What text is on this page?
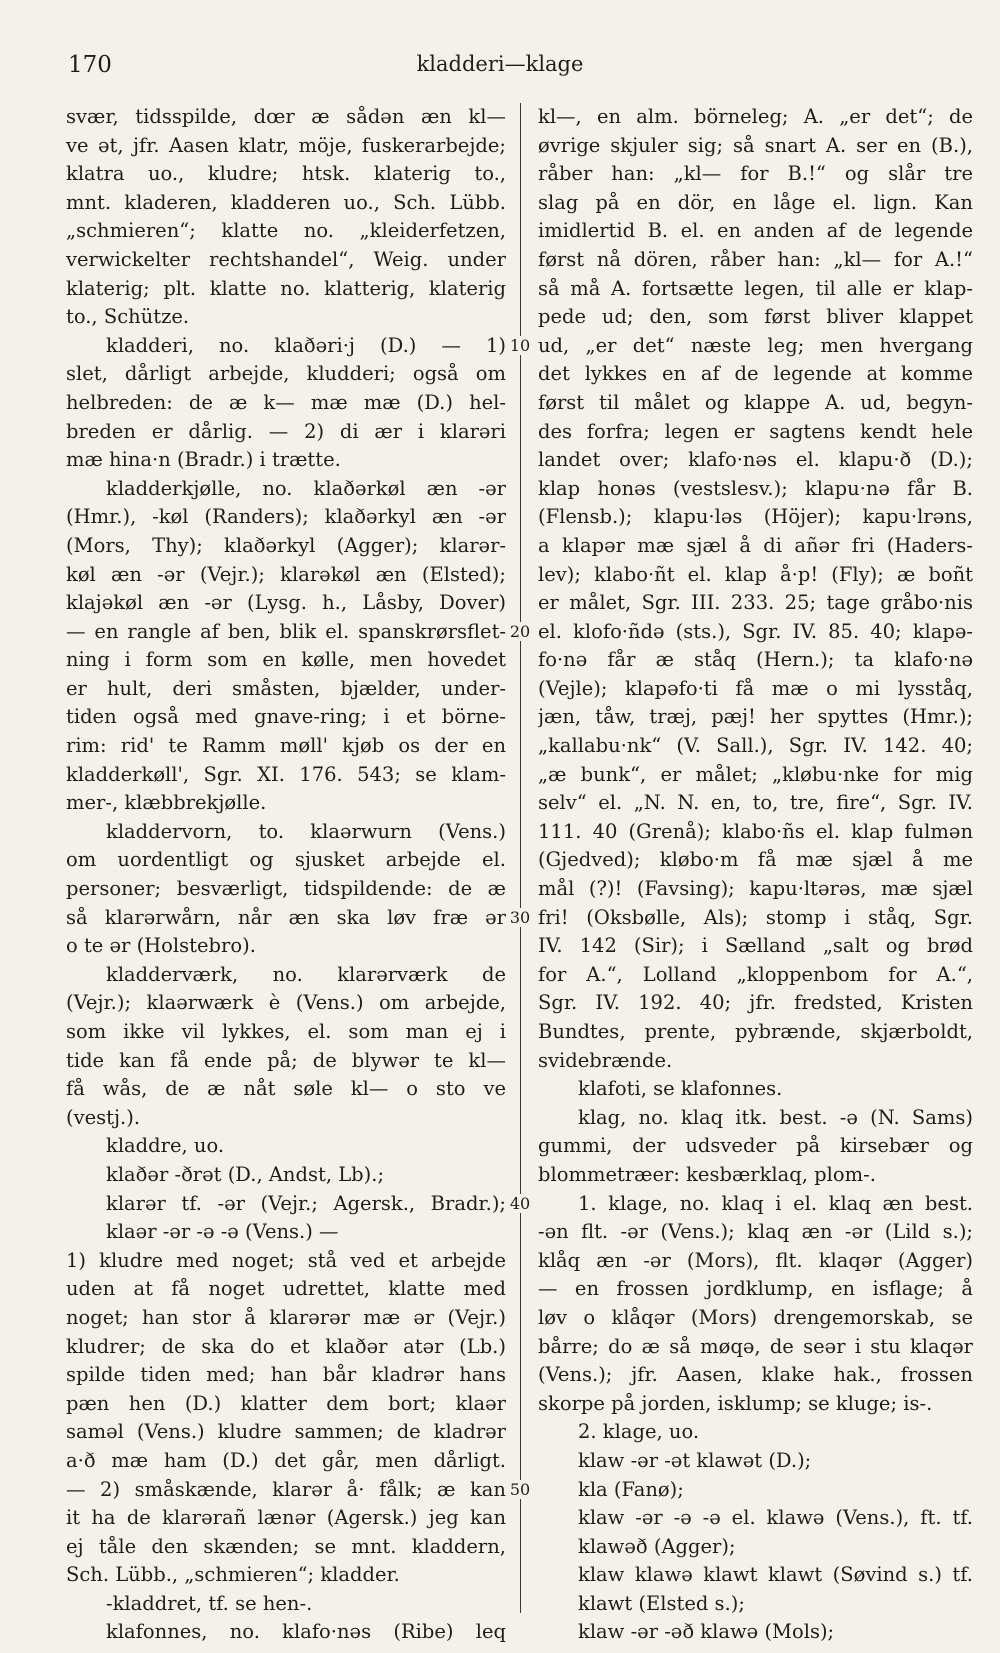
170	kladderi—klage
svær, tidsspilde, dœr æ sådən æn kl—
ve ət, jfr. Aasen klatr, möje, fuskerarbejde;
klatra uo., kludre; htsk. klaterig to.,
mnt. kladeren, kladderen uo., Sch. Lübb.
„schmieren“; klatte no. „kleiderfetzen,
verwickelter rechtshandel“, Weig. under
klaterig; plt. klatte no. klatterig, klaterig
to., Schütze.
kladderi, no. klaðəri·j (D.) — 1)
slet, dårligt arbejde, kludderi; også om
helbreden: de æ k— mæ mæ (D.) hel-
breden er dårlig. — 2) di ær i klarəri
mæ hina·n (Bradr.) i trætte.
kladderkjølle, no. klaðərkøl æn -ər
(Hmr.), -køl (Randers); klaðərkyl æn -ər
(Mors, Thy); klaðərkyl (Agger); klarər-
køl æn -ər (Vejr.); klarəkøl æn (Elsted);
klajəkøl æn -ər (Lysg. h., Låsby, Dover)
— en rangle af ben, blik el. spanskrørsflet-
ning i form som en kølle, men hovedet
er hult, deri småsten, bjælder, under-
tiden også med gnave-ring; i et börne-
rim: rid' te Ramm møll' kjøb os der en
kladderkøll', Sgr. XI. 176. 543; se klam-
mer-, klæbbrekjølle.
kladdervorn, to. klaərwurn (Vens.)
om uordentligt og sjusket arbejde el.
personer; besværligt, tidspildende: de æ
så klarərwårn, når æn ska løv fræ ər
o te ər (Holstebro).
kladderværk, no. klarərværk de
(Vejr.); klaərwærk è (Vens.) om arbejde,
som ikke vil lykkes, el. som man ej i
tide kan få ende på; de blywər te kl—
få wås, de æ nåt søle kl— o sto ve
(vestj.).
kladdre, uo.
klaðər -ðrət (D., Andst, Lb).;
klarər tf. -ər (Vejr.; Agersk., Bradr.);
klaər -ər -ə -ə (Vens.) —
1) kludre med noget; stå ved et arbejde
uden at få noget udrettet, klatte med
noget; han stor å klarərər mæ ər (Vejr.)
kludrer; de ska do et klaðər atər (Lb.)
spilde tiden med; han bår kladrər hans
pæn hen (D.) klatter dem bort; klaər
saməl (Vens.) kludre sammen; de kladrər
a·ð mæ ham (D.) det går, men dårligt.
— 2) småskænde, klarər å· fålk; æ kan
it ha de klarərañ lænər (Agersk.) jeg kan
ej tåle den skænden; se mnt. kladdern,
Sch. Lübb., „schmieren“; kladder.
-kladdret, tf. se hen-.
klafonnes, no. klafo·nəs (Ribe) leq
kl—, en alm. börneleg; A. „er det“; de
øvrige skjuler sig; så snart A. ser en (B.),
råber han: „kl— for B.!“ og slår tre
slag på en dör, en låge el. lign. Kan
imidlertid B. el. en anden af de legende
først nå dören, råber han: „kl— for A.!“
så må A. fortsætte legen, til alle er klap-
pede ud; den, som først bliver klappet
ud, „er det“ næste leg; men hvergang
det lykkes en af de legende at komme
først til målet og klappe A. ud, begyn-
des forfra; legen er sagtens kendt hele
landet over; klafo·nəs el. klapu·ð (D.);
klap honəs (vestslesv.); klapu·nə får B.
(Flensb.); klapu·ləs (Höjer); kapu·lrəns,
a klapər mæ sjæl å di añər fri (Haders-
lev); klabo·ñt el. klap å·p! (Fly); æ boñt
er målet, Sgr. III. 233. 25; tage gråbo·nis
el. klofo·ñdə (sts.), Sgr. IV. 85. 40; klapə-
fo·nə får æ ståq (Hern.); ta klafo·nə
(Vejle); klapəfo·ti få mæ o mi lysståq,
jæn, tåw, træj, pæj! her spyttes (Hmr.);
„kallabu·nk“ (V. Sall.), Sgr. IV. 142. 40;
„æ bunk“, er målet; „kløbu·nke for mig
selv“ el. „N. N. en, to, tre, fire“, Sgr. IV.
111. 40 (Grenå); klabo·ñs el. klap fulmən
(Gjedved); kløbo·m få mæ sjæl å me
mål (?)! (Favsing); kapu·ltərəs, mæ sjæl
fri! (Oksbølle, Als); stomp i ståq, Sgr.
IV. 142 (Sir); i Sælland „salt og brød
for A.“, Lolland „kloppenbom for A.“,
Sgr. IV. 192. 40; jfr. fredsted, Kristen
Bundtes, prente, pybrænde, skjærboldt,
svidebrænde.
klafoti, se klafonnes.
klag, no. klaq itk. best. -ə (N. Sams)
gummi, der udsveder på kirsebær og
blommetræer: kesbærklaq, plom-.
1. klage, no. klaq i el. klaq æn best.
-ən flt. -ər (Vens.); klaq æn -ər (Lild s.);
klåq æn -ər (Mors), flt. klaqər (Agger)
— en frossen jordklump, en isflage; å
løv o klåqər (Mors) drengemorskab, se
bårre; do æ så møqə, de seər i stu klaqər
(Vens.); jfr. Aasen, klake hak., frossen
skorpe på jorden, isklump; se kluge; is-.
2. klage, uo.
klaw -ər -ət klawət (D.);
kla (Fanø);
klaw -ər -ə -ə el. klawə (Vens.), ft. tf.
klawəð (Agger);
klaw klawə klawt klawt (Søvind s.) tf.
klawt (Elsted s.);
klaw -ər -əð klawə (Mols);
10
20
30
40
50
